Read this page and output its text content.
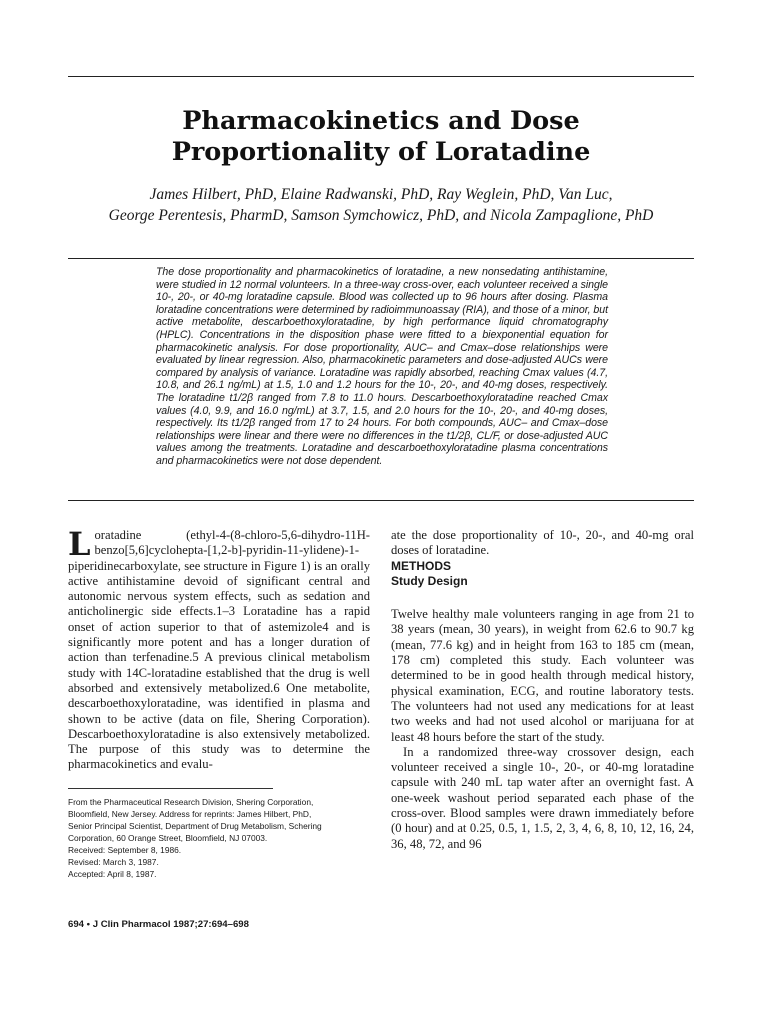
Pharmacokinetics and Dose
Proportionality of Loratadine
James Hilbert, PhD, Elaine Radwanski, PhD, Ray Weglein, PhD, Van Luc,
George Perentesis, PharmD, Samson Symchowicz, PhD, and Nicola Zampaglione, PhD

The dose proportionality and pharmacokinetics of loratadine, a new nonsedating antihistamine, were studied in 12 normal volunteers. In a three-way cross-over, each volunteer received a single 10-, 20-, or 40-mg loratadine capsule. Blood was collected up to 96 hours after dosing. Plasma loratadine concentrations were determined by radioimmunoassay (RIA), and those of a minor, but active metabolite, descarboethoxyloratadine, by high performance liquid chromatography (HPLC). Concentrations in the disposition phase were fitted to a biexponential equation for pharmacokinetic analysis. For dose proportionality, AUC– and Cmax–dose relationships were evaluated by linear regression. Also, pharmacokinetic parameters and dose-adjusted AUCs were compared by analysis of variance. Loratadine was rapidly absorbed, reaching Cmax values (4.7, 10.8, and 26.1 ng/mL) at 1.5, 1.0 and 1.2 hours for the 10-, 20-, and 40-mg doses, respectively. The loratadine t1/2β ranged from 7.8 to 11.0 hours. Descarboethoxyloratadine reached Cmax values (4.0, 9.9, and 16.0 ng/mL) at 3.7, 1.5, and 2.0 hours for the 10-, 20-, and 40-mg doses, respectively. Its t1/2β ranged from 17 to 24 hours. For both compounds, AUC– and Cmax–dose relationships were linear and there were no differences in the t1/2β, CL/F, or dose-adjusted AUC values among the treatments. Loratadine and descarboethoxyloratadine plasma concentrations and pharmacokinetics were not dose dependent.

Loratadine (ethyl-4-(8-chloro-5,6-dihydro-11H-benzo[5,6]cyclohepta-[1,2-b]-pyridin-11-ylidene)-1-piperidinecarboxylate, see structure in Figure 1) is an orally active antihistamine devoid of significant central and autonomic nervous system effects, such as sedation and anticholinergic side effects.1–3 Loratadine has a rapid onset of action superior to that of astemizole4 and is significantly more potent and has a longer duration of action than terfenadine.5 A previous clinical metabolism study with 14C-loratadine established that the drug is well absorbed and extensively metabolized.6 One metabolite, descarboethoxyloratadine, was identified in plasma and shown to be active (data on file, Shering Corporation). Descarboethoxyloratadine is also extensively metabolized. The purpose of this study was to determine the pharmacokinetics and evalu-

ate the dose proportionality of 10-, 20-, and 40-mg oral doses of loratadine.

METHODS

Study Design

Twelve healthy male volunteers ranging in age from 21 to 38 years (mean, 30 years), in weight from 62.6 to 90.7 kg (mean, 77.6 kg) and in height from 163 to 185 cm (mean, 178 cm) completed this study. Each volunteer was determined to be in good health through medical history, physical examination, ECG, and routine laboratory tests. The volunteers had not used any medications for at least two weeks and had not used alcohol or marijuana for at least 48 hours before the start of the study.

In a randomized three-way crossover design, each volunteer received a single 10-, 20-, or 40-mg loratadine capsule with 240 mL tap water after an overnight fast. A one-week washout period separated each phase of the cross-over. Blood samples were drawn immediately before (0 hour) and at 0.25, 0.5, 1, 1.5, 2, 3, 4, 6, 8, 10, 12, 16, 24, 36, 48, 72, and 96

From the Pharmaceutical Research Division, Shering Corporation,
Bloomfield, New Jersey. Address for reprints: James Hilbert, PhD,
Senior Principal Scientist, Department of Drug Metabolism, Schering
Corporation, 60 Orange Street, Bloomfield, NJ 07003.
Received: September 8, 1986.
Revised: March 3, 1987.
Accepted: April 8, 1987.
694 • J Clin Pharmacol 1987;27:694–698
